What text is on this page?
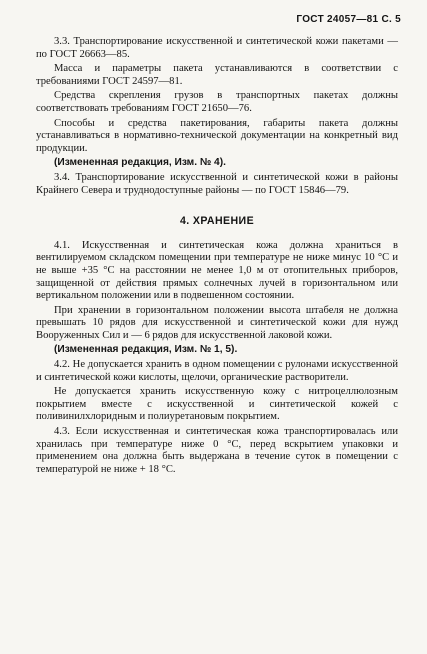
ГОСТ 24057—81 С. 5

3.3. Транспортирование искусственной и синтетической кожи пакетами — по ГОСТ 26663—85.

Масса и параметры пакета устанавливаются в соответствии с требованиями ГОСТ 24597—81.

Средства скрепления грузов в транспортных пакетах должны соответствовать требованиям ГОСТ 21650—76.

Способы и средства пакетирования, габариты пакета должны устанавливаться в нормативно-технической документации на конкретный вид продукции.

(Измененная редакция, Изм. № 4).

3.4. Транспортирование искусственной и синтетической кожи в районы Крайнего Севера и труднодоступные районы — по ГОСТ 15846—79.

4. ХРАНЕНИЕ

4.1. Искусственная и синтетическая кожа должна храниться в вентилируемом складском помещении при температуре не ниже минус 10 °С и не выше +35 °С на расстоянии не менее 1,0 м от отопительных приборов, защищенной от действия прямых солнечных лучей в горизонтальном или вертикальном положении или в подвешенном состоянии.

При хранении в горизонтальном положении высота штабеля не должна превышать 10 рядов для искусственной и синтетической кожи для нужд Вооруженных Сил и — 6 рядов для искусственной лаковой кожи.

(Измененная редакция, Изм. № 1, 5).

4.2. Не допускается хранить в одном помещении с рулонами искусственной и синтетической кожи кислоты, щелочи, органические растворители.

Не допускается хранить искусственную кожу с нитроцеллюлозным покрытием вместе с искусственной и синтетической кожей с поливинилхлоридным и полиуретановым покрытием.

4.3. Если искусственная и синтетическая кожа транспортировалась или хранилась при температуре ниже 0 °С, перед вскрытием упаковки и применением она должна быть выдержана в течение суток в помещении с температурой не ниже + 18 °С.
